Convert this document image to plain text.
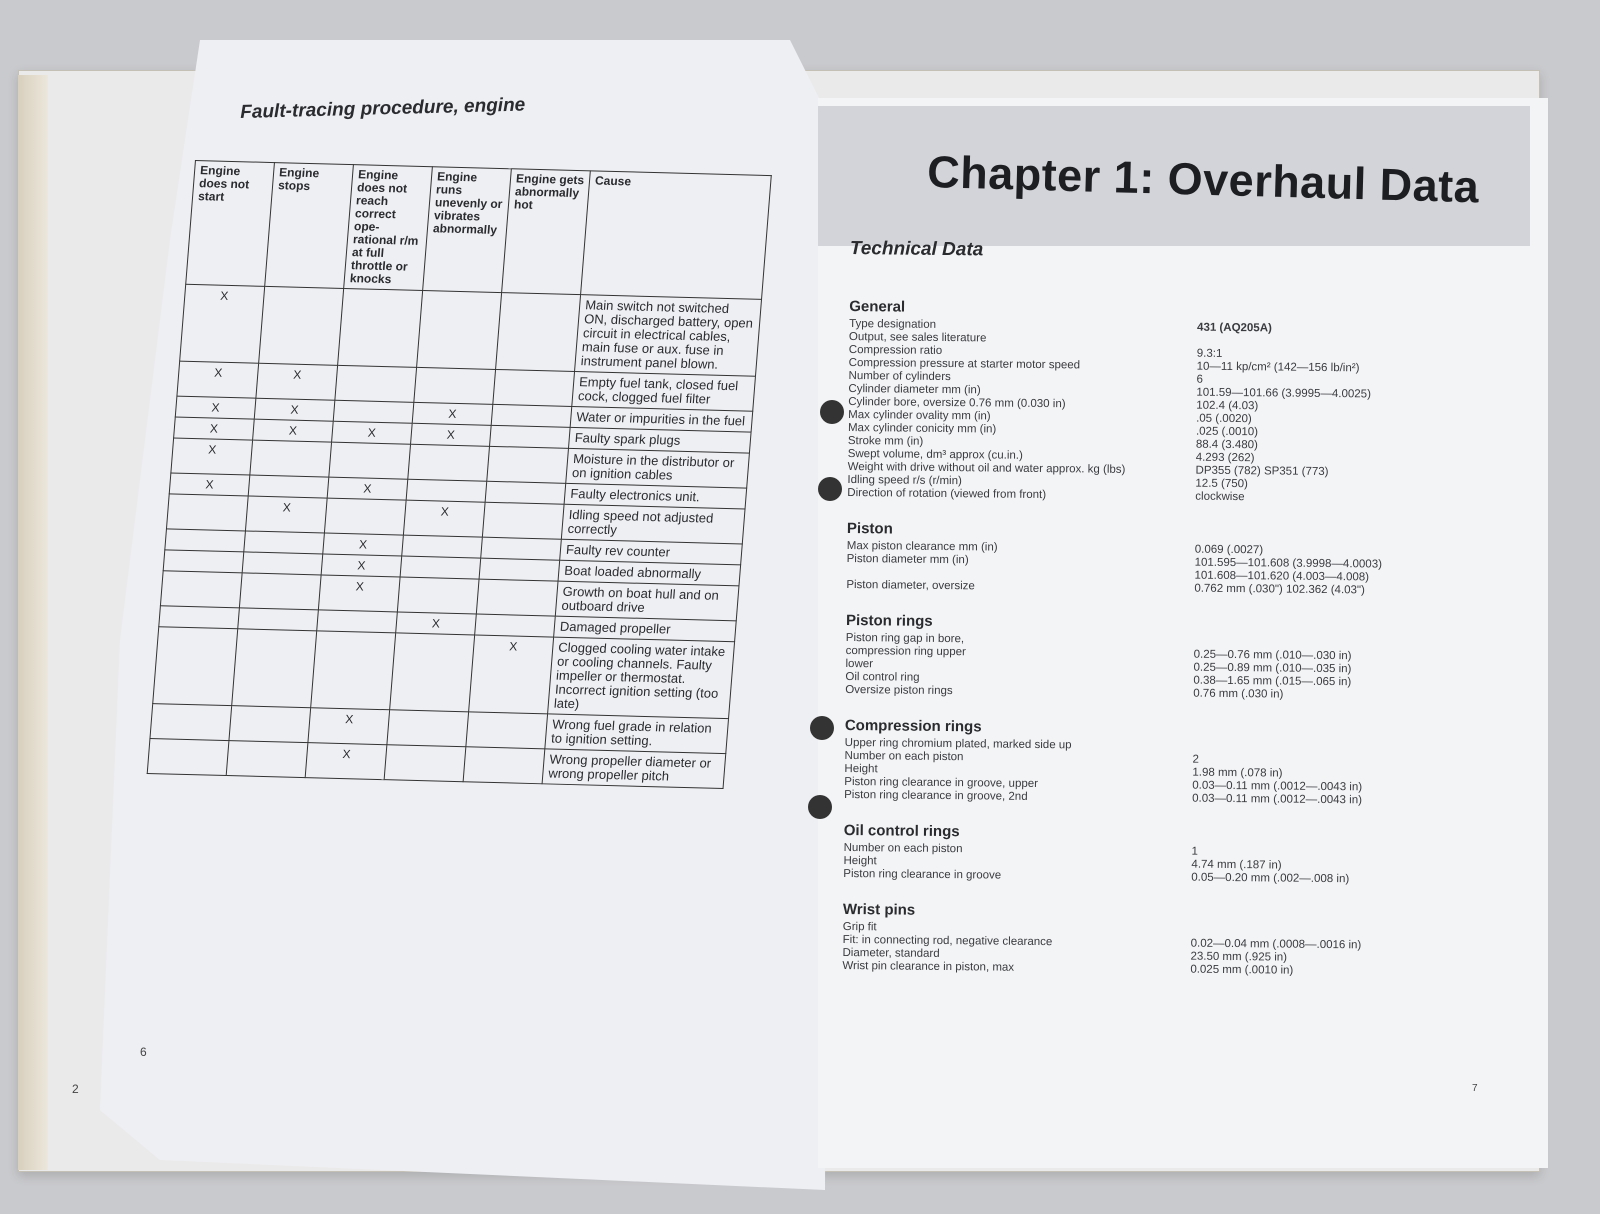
Fault-tracing procedure, engine
Engine does not start	Engine stops	Engine does not reach correct ope- rational r/m at full throttle or knocks	Engine runs unevenly or vibrates abnormally	Engine gets abnormally hot	Cause
X					Main switch not switched ON, discharged battery, open circuit in electrical cables, main fuse or aux. fuse in instrument panel blown.
X	X				Empty fuel tank, closed fuel cock, clogged fuel filter
X	X		X		Water or impurities in the fuel
X	X	X	X		Faulty spark plugs
X					Moisture in the distributor or on ignition cables
X		X			Faulty electronics unit.
	X		X		Idling speed not adjusted correctly
		X			Faulty rev counter
		X			Boat loaded abnormally
		X			Growth on boat hull and on outboard drive
			X		Damaged propeller
				X	Clogged cooling water intake or cooling channels. Faulty impeller or thermostat. Incorrect ignition setting (too late)
		X			Wrong fuel grade in relation to ignition setting.
		X			Wrong propeller diameter or wrong propeller pitch
6
2
Chapter 1: Overhaul Data
Technical Data
General
Type designation	431 (AQ205A)
Output, see sales literature
Compression ratio	9.3:1
Compression pressure at starter motor speed	10—11 kp/cm² (142—156 lb/in²)
Number of cylinders	6
Cylinder diameter mm (in)	101.59—101.66 (3.9995—4.0025)
Cylinder bore, oversize 0.76 mm (0.030 in)	102.4 (4.03)
Max cylinder ovality mm (in)	.05 (.0020)
Max cylinder conicity mm (in)	.025 (.0010)
Stroke mm (in)	88.4 (3.480)
Swept volume, dm³ approx (cu.in.)	4.293 (262)
Weight with drive without oil and water approx. kg (lbs)	DP355 (782) SP351 (773)
Idling speed r/s (r/min)	12.5 (750)
Direction of rotation (viewed from front)	clockwise
Piston
Max piston clearance mm (in)	0.069 (.0027)
Piston diameter mm (in)	101.595—101.608 (3.9998—4.0003)
101.608—101.620 (4.003—4.008)
Piston diameter, oversize	0.762 mm (.030") 102.362 (4.03")
Piston rings
Piston ring gap in bore,
compression ring upper	0.25—0.76 mm (.010—.030 in)
lower	0.25—0.89 mm (.010—.035 in)
Oil control ring	0.38—1.65 mm (.015—.065 in)
Oversize piston rings	0.76 mm (.030 in)
Compression rings
Upper ring chromium plated, marked side up
Number on each piston	2
Height	1.98 mm (.078 in)
Piston ring clearance in groove, upper	0.03—0.11 mm (.0012—.0043 in)
Piston ring clearance in groove, 2nd	0.03—0.11 mm (.0012—.0043 in)
Oil control rings
Number on each piston	1
Height	4.74 mm (.187 in)
Piston ring clearance in groove	0.05—0.20 mm (.002—.008 in)
Wrist pins
Grip fit
Fit: in connecting rod, negative clearance	0.02—0.04 mm (.0008—.0016 in)
Diameter, standard	23.50 mm (.925 in)
Wrist pin clearance in piston, max	0.025 mm (.0010 in)
7
